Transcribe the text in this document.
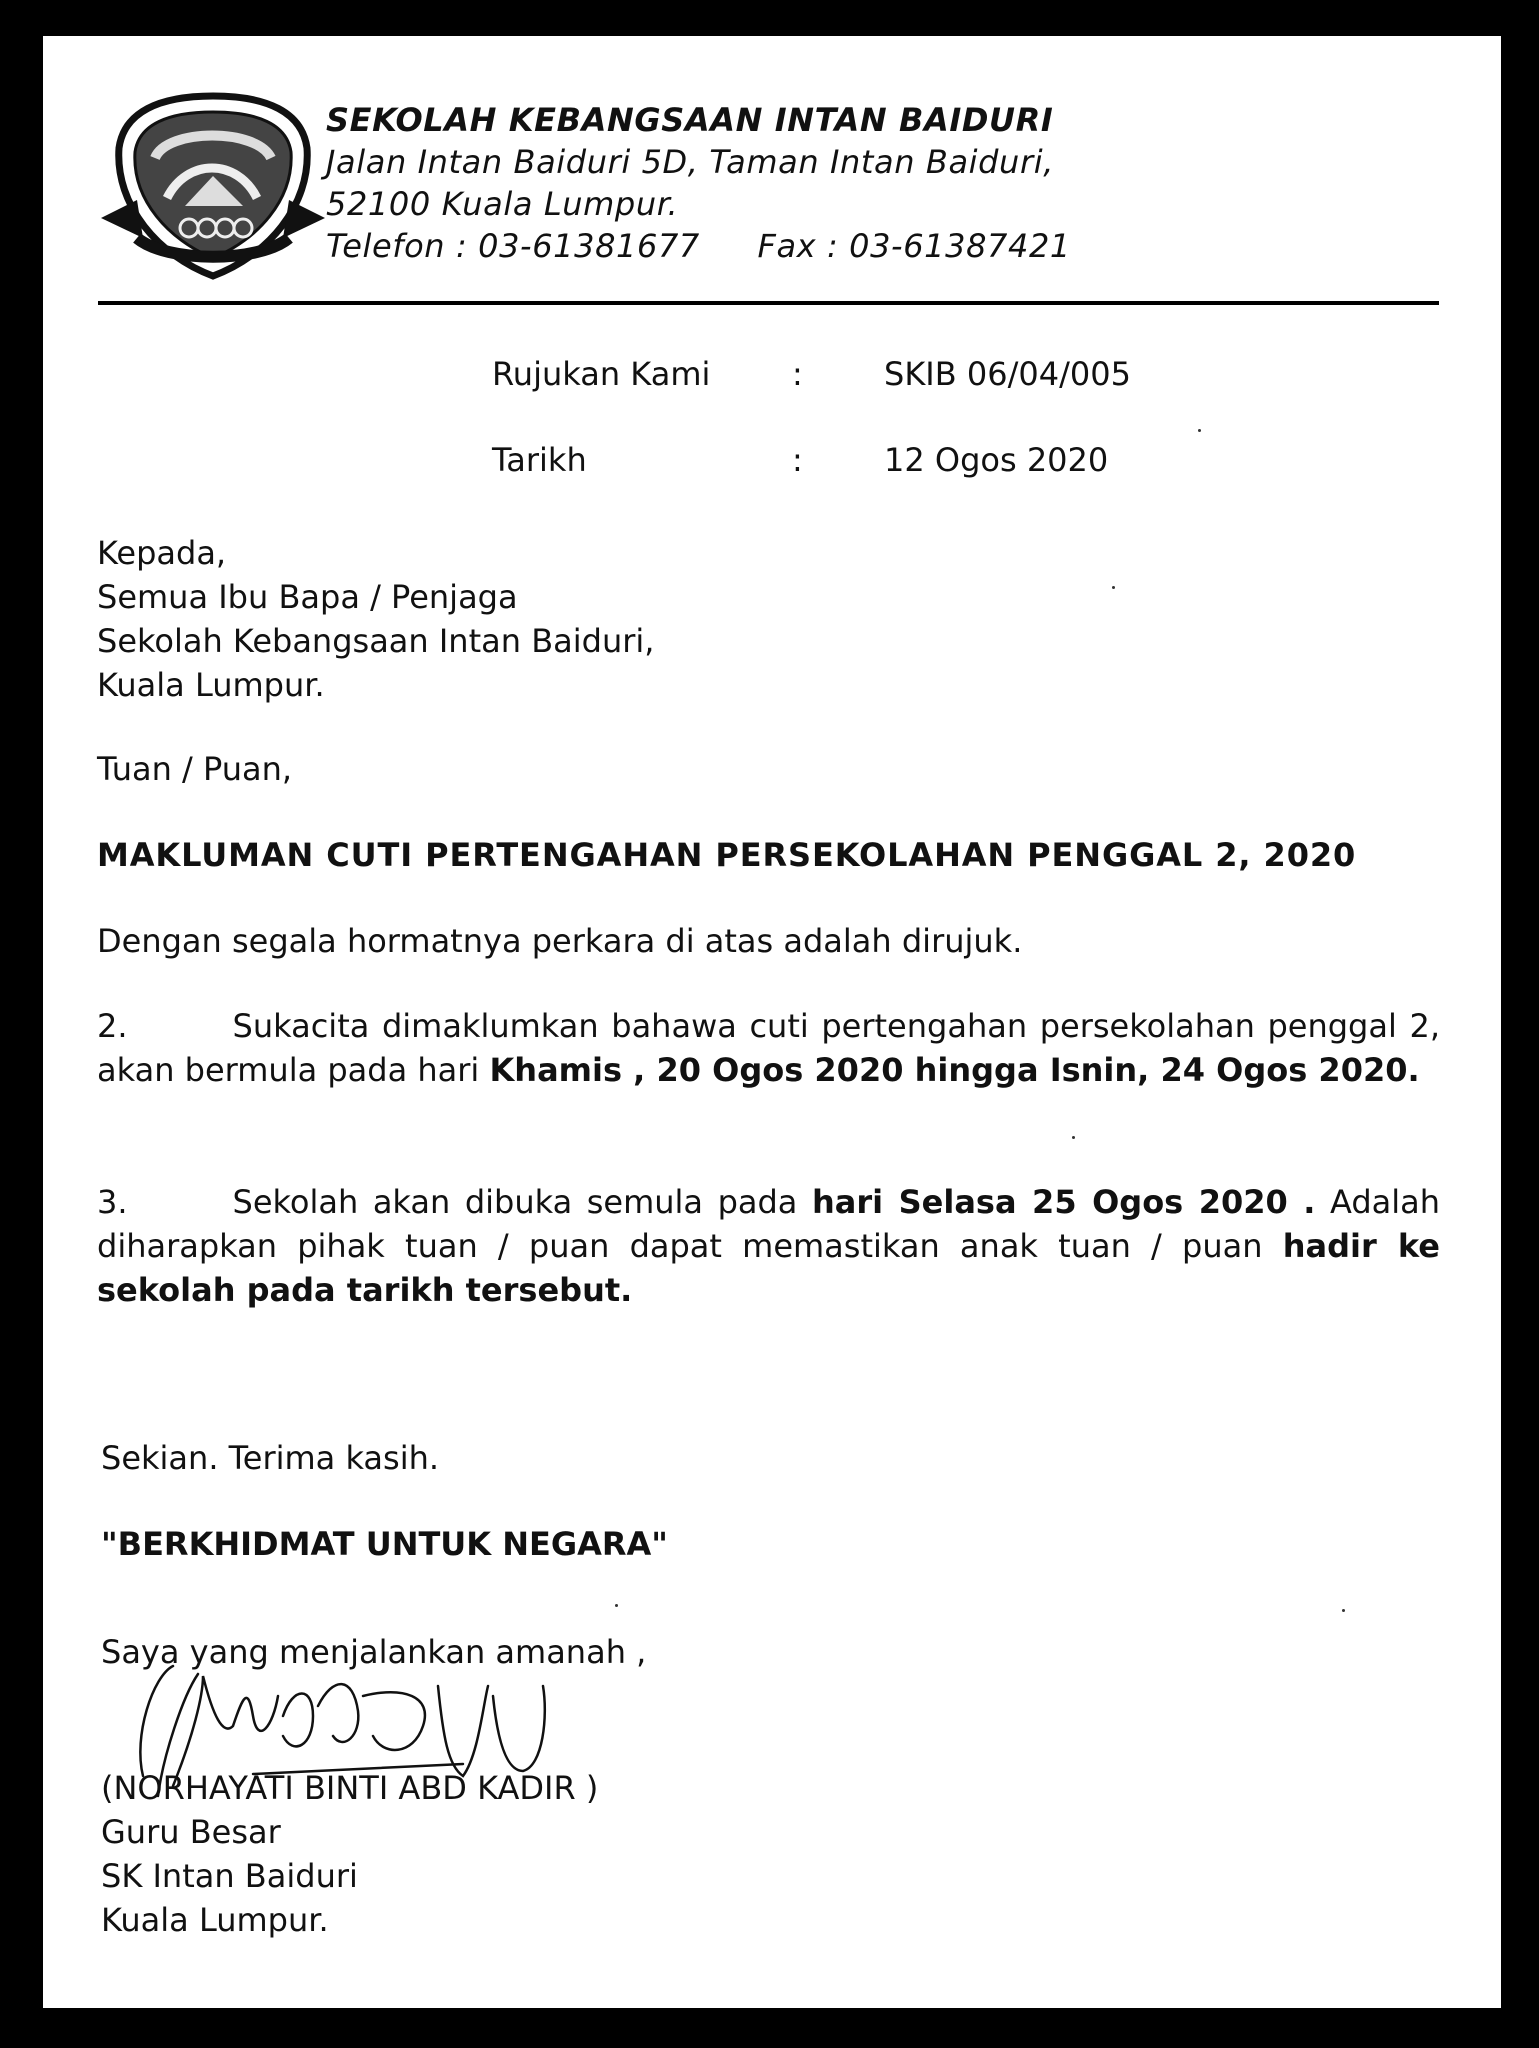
SEKOLAH KEBANGSAAN INTAN BAIDURI
Jalan Intan Baiduri 5D, Taman Intan Baiduri,
52100 Kuala Lumpur.
Telefon : 03-61381677 Fax : 03-61387421
Rujukan Kami	:	SKIB 06/04/005
Tarikh	:	12 Ogos 2020
Kepada,
Semua Ibu Bapa / Penjaga
Sekolah Kebangsaan Intan Baiduri,
Kuala Lumpur.
Tuan / Puan,
MAKLUMAN CUTI PERTENGAHAN PERSEKOLAHAN PENGGAL 2, 2020
Dengan segala hormatnya perkara di atas adalah dirujuk.
2.	Sukacita dimaklumkan bahawa cuti pertengahan persekolahan penggal 2, akan bermula pada hari Khamis , 20 Ogos 2020 hingga Isnin, 24 Ogos 2020.
3.	Sekolah akan dibuka semula pada hari Selasa 25 Ogos 2020 . Adalah diharapkan pihak tuan / puan dapat memastikan anak tuan / puan hadir ke sekolah pada tarikh tersebut.
Sekian. Terima kasih.
"BERKHIDMAT UNTUK NEGARA"
Saya yang menjalankan amanah ,
(NORHAYATI BINTI ABD KADIR )
Guru Besar
SK Intan Baiduri
Kuala Lumpur.
